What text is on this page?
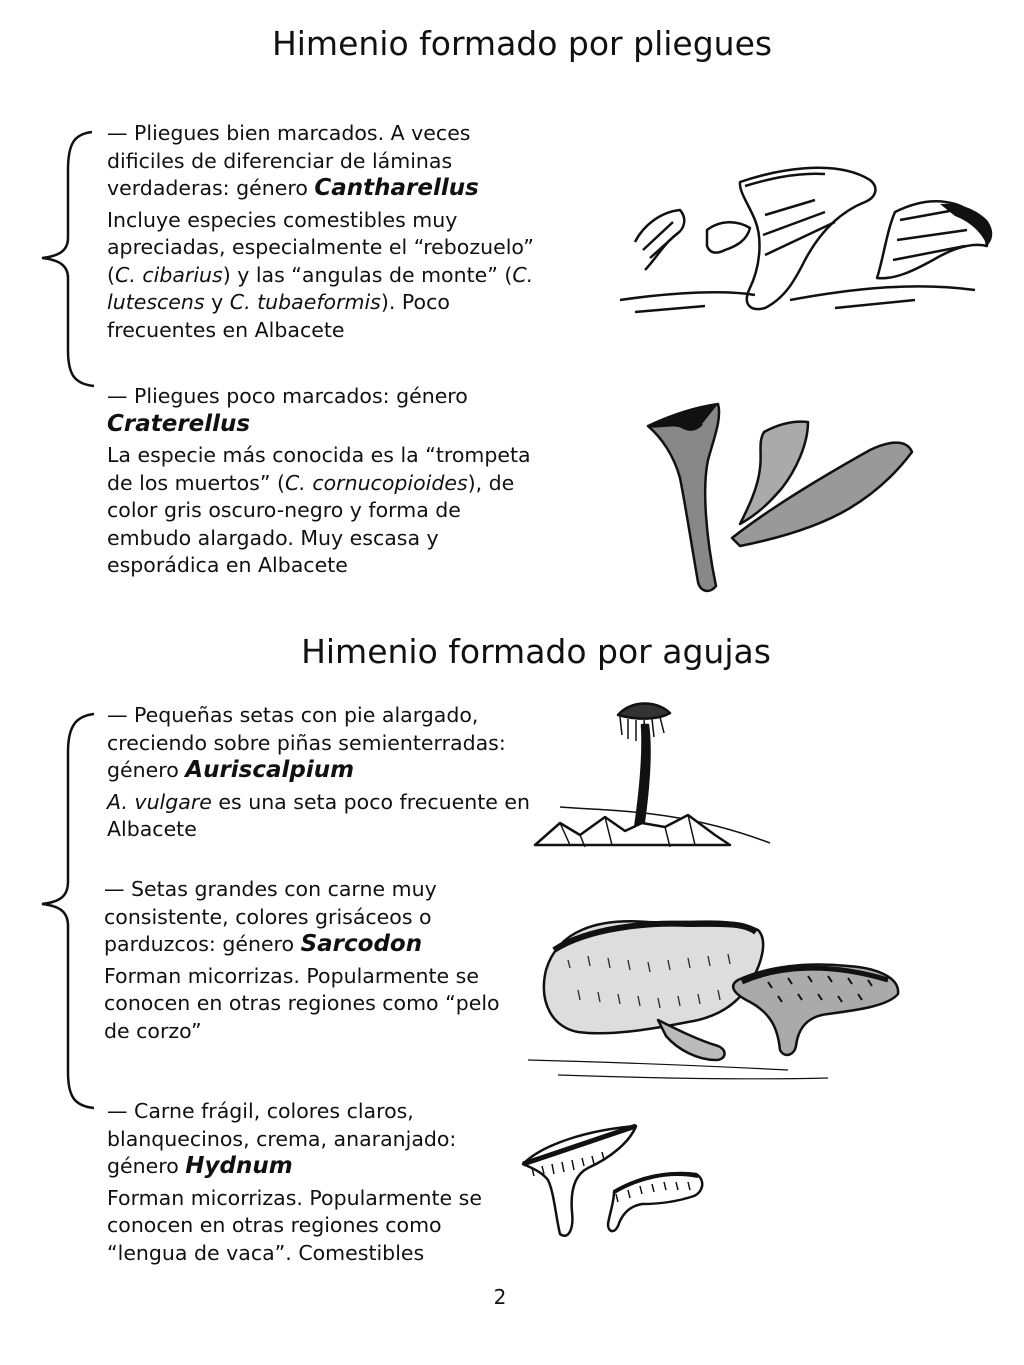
Himenio formado por pliegues

— Pliegues bien marcados. A veces dificiles de diferenciar de láminas verdaderas: género Cantharellus

Incluye especies comestibles muy apreciadas, especialmente el “rebozuelo” (C. cibarius) y las “angulas de monte” (C. lutescens y C. tubaeformis). Poco frecuentes en Albacete

— Pliegues poco marcados: género Craterellus

La especie más conocida es la “trompeta de los muertos” (C. cornucopioides), de color gris oscuro-negro y forma de embudo alargado. Muy escasa y esporádica en Albacete

Himenio formado por agujas

— Pequeñas setas con pie alargado, creciendo sobre piñas semienterradas: género Auriscalpium

A. vulgare es una seta poco frecuente en Albacete

— Setas grandes con carne muy consistente, colores grisáceos o parduzcos: género Sarcodon

Forman micorrizas. Popularmente se conocen en otras regiones como “pelo de corzo”

— Carne frágil, colores claros, blanquecinos, crema, anaranjado: género Hydnum

Forman micorrizas. Popularmente se conocen en otras regiones como “lengua de vaca”. Comestibles

2
